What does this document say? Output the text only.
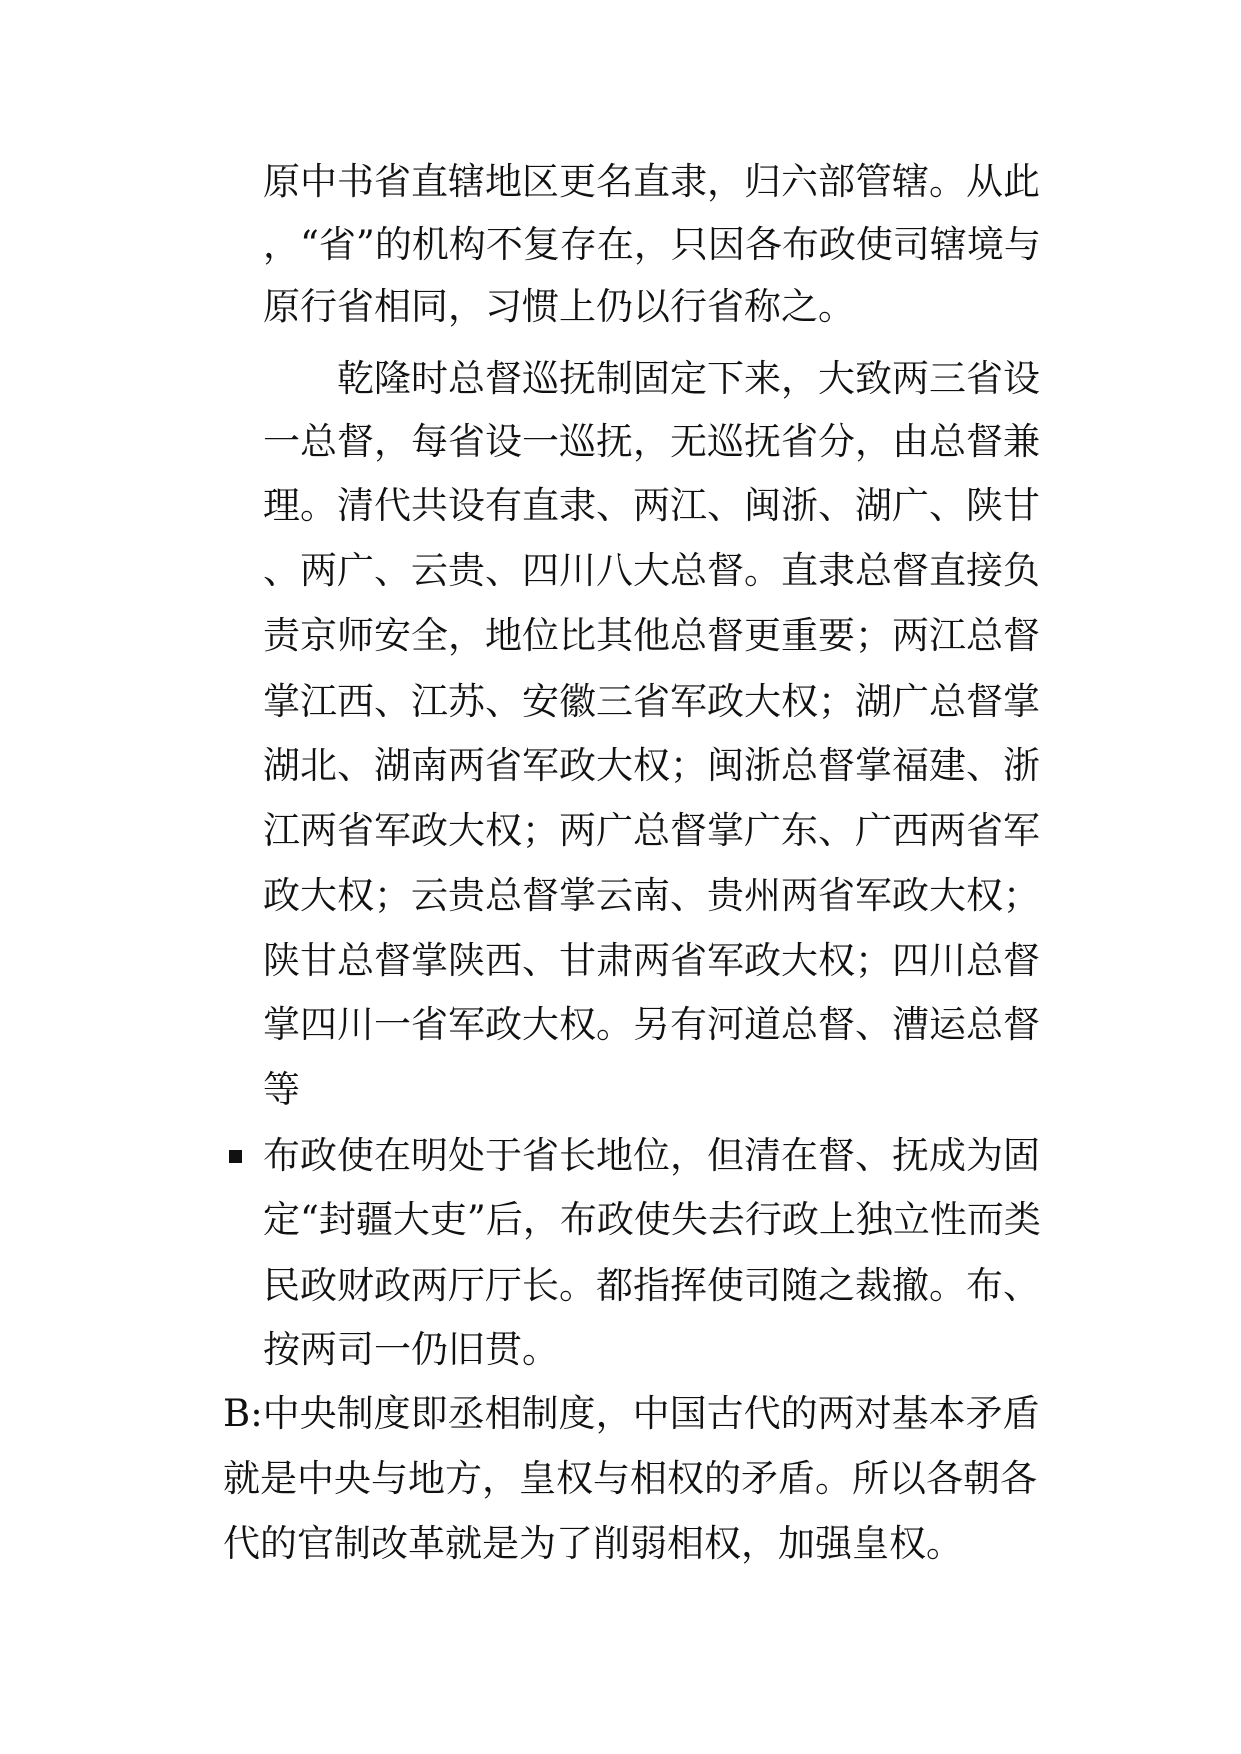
原中书省直辖地区更名直隶，归六部管辖。从此
，“省”的机构不复存在，只因各布政使司辖境与
原行省相同，习惯上仍以行省称之。
乾隆时总督巡抚制固定下来，大致两三省设
一总督，每省设一巡抚，无巡抚省分，由总督兼
理。清代共设有直隶、两江、闽浙、湖广、陕甘
、两广、云贵、四川八大总督。直隶总督直接负
责京师安全，地位比其他总督更重要；两江总督
掌江西、江苏、安徽三省军政大权；湖广总督掌
湖北、湖南两省军政大权；闽浙总督掌福建、浙
江两省军政大权；两广总督掌广东、广西两省军
政大权；云贵总督掌云南、贵州两省军政大权；
陕甘总督掌陕西、甘肃两省军政大权；四川总督
掌四川一省军政大权。另有河道总督、漕运总督
等
布政使在明处于省长地位，但清在督、抚成为固
定“封疆大吏”后，布政使失去行政上独立性而类
民政财政两厅厅长。都指挥使司随之裁撤。布、
按两司一仍旧贯。
B:中央制度即丞相制度，中国古代的两对基本矛盾
就是中央与地方，皇权与相权的矛盾。所以各朝各
代的官制改革就是为了削弱相权，加强皇权。
